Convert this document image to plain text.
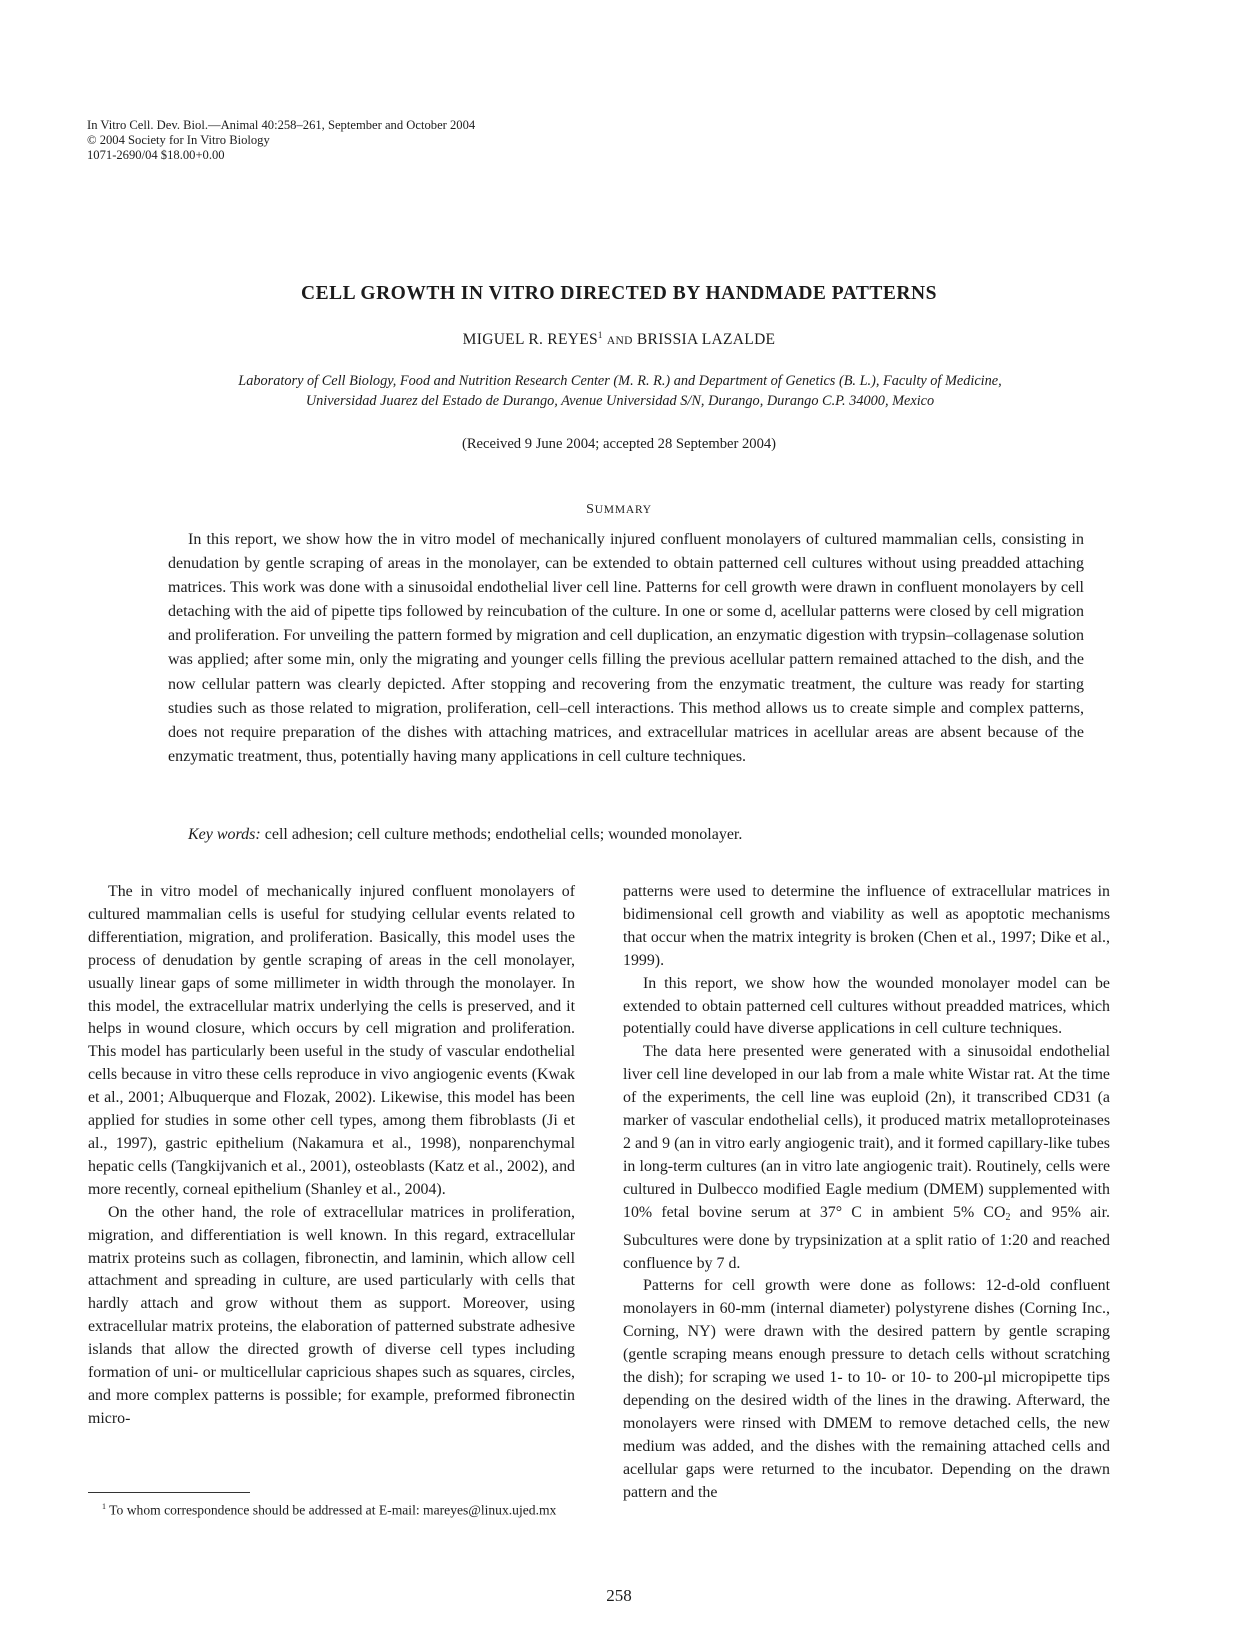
In Vitro Cell. Dev. Biol.—Animal 40:258–261, September and October 2004
© 2004 Society for In Vitro Biology
1071-2690/04 $18.00+0.00
CELL GROWTH IN VITRO DIRECTED BY HANDMADE PATTERNS
MIGUEL R. REYES$^1$ AND BRISSIA LAZALDE
Laboratory of Cell Biology, Food and Nutrition Research Center (M. R. R.) and Department of Genetics (B. L.), Faculty of Medicine,
Universidad Juarez del Estado de Durango, Avenue Universidad S/N, Durango, Durango C.P. 34000, Mexico
(Received 9 June 2004; accepted 28 September 2004)
SUMMARY

In this report, we show how the in vitro model of mechanically injured confluent monolayers of cultured mammalian cells, consisting in denudation by gentle scraping of areas in the monolayer, can be extended to obtain patterned cell cultures without using preadded attaching matrices. This work was done with a sinusoidal endothelial liver cell line. Patterns for cell growth were drawn in confluent monolayers by cell detaching with the aid of pipette tips followed by reincubation of the culture. In one or some d, acellular patterns were closed by cell migration and proliferation. For unveiling the pattern formed by migration and cell duplication, an enzymatic digestion with trypsin–collagenase solution was applied; after some min, only the migrating and younger cells filling the previous acellular pattern remained attached to the dish, and the now cellular pattern was clearly depicted. After stopping and recovering from the enzymatic treatment, the culture was ready for starting studies such as those related to migration, proliferation, cell–cell interactions. This method allows us to create simple and complex patterns, does not require preparation of the dishes with attaching matrices, and extracellular matrices in acellular areas are absent because of the enzymatic treatment, thus, potentially having many applications in cell culture techniques.

Key words: cell adhesion; cell culture methods; endothelial cells; wounded monolayer.

The in vitro model of mechanically injured confluent monolayers of cultured mammalian cells is useful for studying cellular events related to differentiation, migration, and proliferation. Basically, this model uses the process of denudation by gentle scraping of areas in the cell monolayer, usually linear gaps of some millimeter in width through the monolayer. In this model, the extracellular matrix underlying the cells is preserved, and it helps in wound closure, which occurs by cell migration and proliferation. This model has particularly been useful in the study of vascular endothelial cells because in vitro these cells reproduce in vivo angiogenic events (Kwak et al., 2001; Albuquerque and Flozak, 2002). Likewise, this model has been applied for studies in some other cell types, among them fibroblasts (Ji et al., 1997), gastric epithelium (Nakamura et al., 1998), nonparenchymal hepatic cells (Tangkijvanich et al., 2001), osteoblasts (Katz et al., 2002), and more recently, corneal epithelium (Shanley et al., 2004).

On the other hand, the role of extracellular matrices in proliferation, migration, and differentiation is well known. In this regard, extracellular matrix proteins such as collagen, fibronectin, and laminin, which allow cell attachment and spreading in culture, are used particularly with cells that hardly attach and grow without them as support. Moreover, using extracellular matrix proteins, the elaboration of patterned substrate adhesive islands that allow the directed growth of diverse cell types including formation of uni- or multicellular capricious shapes such as squares, circles, and more complex patterns is possible; for example, preformed fibronectin micro-

patterns were used to determine the influence of extracellular matrices in bidimensional cell growth and viability as well as apoptotic mechanisms that occur when the matrix integrity is broken (Chen et al., 1997; Dike et al., 1999).

In this report, we show how the wounded monolayer model can be extended to obtain patterned cell cultures without preadded matrices, which potentially could have diverse applications in cell culture techniques.

The data here presented were generated with a sinusoidal endothelial liver cell line developed in our lab from a male white Wistar rat. At the time of the experiments, the cell line was euploid (2n), it transcribed CD31 (a marker of vascular endothelial cells), it produced matrix metalloproteinases 2 and 9 (an in vitro early angiogenic trait), and it formed capillary-like tubes in long-term cultures (an in vitro late angiogenic trait). Routinely, cells were cultured in Dulbecco modified Eagle medium (DMEM) supplemented with 10% fetal bovine serum at 37° C in ambient 5% $CO_2$ and 95% air. Subcultures were done by trypsinization at a split ratio of 1:20 and reached confluence by 7 d.

Patterns for cell growth were done as follows: 12-d-old confluent monolayers in 60-mm (internal diameter) polystyrene dishes (Corning Inc., Corning, NY) were drawn with the desired pattern by gentle scraping (gentle scraping means enough pressure to detach cells without scratching the dish); for scraping we used 1- to 10- or 10- to 200-µl micropipette tips depending on the desired width of the lines in the drawing. Afterward, the monolayers were rinsed with DMEM to remove detached cells, the new medium was added, and the dishes with the remaining attached cells and acellular gaps were returned to the incubator. Depending on the drawn pattern and the

$^1$ To whom correspondence should be addressed at E-mail: mareyes@linux.ujed.mx

258
